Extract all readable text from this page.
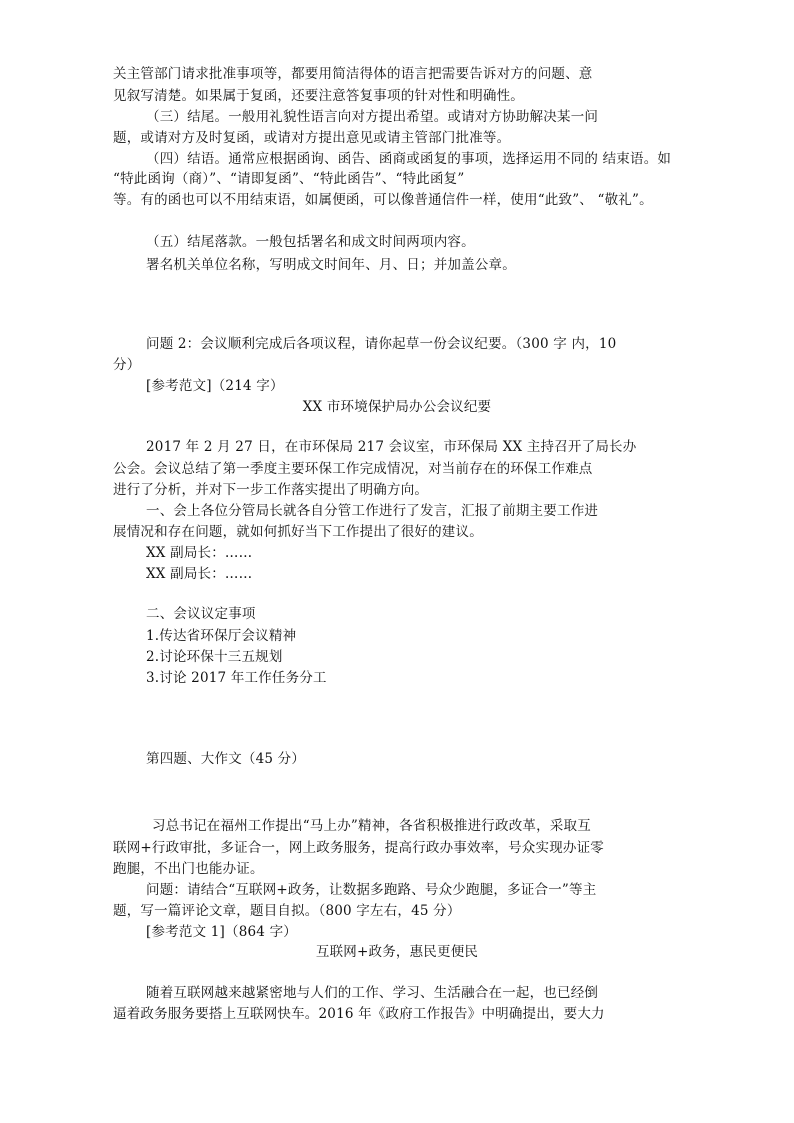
关主管部门请求批准事项等，都要用简洁得体的语言把需要告诉对方的问题、意
见叙写清楚。如果属于复函，还要注意答复事项的针对性和明确性。
（三）结尾。一般用礼貌性语言向对方提出希望。或请对方协助解决某一问
题，或请对方及时复函，或请对方提出意见或请主管部门批准等。
（四）结语。通常应根据函询、函告、函商或函复的事项，选择运用不同的 结束语。如
“特此函询（商）”、“请即复函”、“特此函告”、“特此函复”
等。有的函也可以不用结束语，如属便函，可以像普通信件一样，使用“此致”、 “敬礼”。
（五）结尾落款。一般包括署名和成文时间两项内容。
署名机关单位名称，写明成文时间年、月、日；并加盖公章。
问题 2：会议顺利完成后各项议程，请你起草一份会议纪要。（300 字 内，10
分）
[参考范文]（214 字）
XX 市环境保护局办公会议纪要
2017 年 2 月 27 日，在市环保局 217 会议室，市环保局 XX 主持召开了局长办
公会。会议总结了第一季度主要环保工作完成情况，对当前存在的环保工作难点
进行了分析，并对下一步工作落实提出了明确方向。
一、会上各位分管局长就各自分管工作进行了发言，汇报了前期主要工作进
展情况和存在问题，就如何抓好当下工作提出了很好的建议。
XX 副局长：……
XX 副局长：……
二、会议议定事项
1.传达省环保厅会议精神
2.讨论环保十三五规划
3.讨论 2017 年工作任务分工
第四题、大作文（45 分）
习总书记在福州工作提出“马上办”精神，各省积极推进行政改革，采取互
联网+行政审批，多证合一，网上政务服务，提高行政办事效率，号众实现办证零
跑腿，不出门也能办证。
问题：请结合“互联网+政务，让数据多跑路、号众少跑腿，多证合一”等主
题，写一篇评论文章，题目自拟。（800 字左右，45 分）
[参考范文 1]（864 字）
互联网+政务，惠民更便民
随着互联网越来越紧密地与人们的工作、学习、生活融合在一起，也已经倒
逼着政务服务要搭上互联网快车。2016 年《政府工作报告》中明确提出，要大力
